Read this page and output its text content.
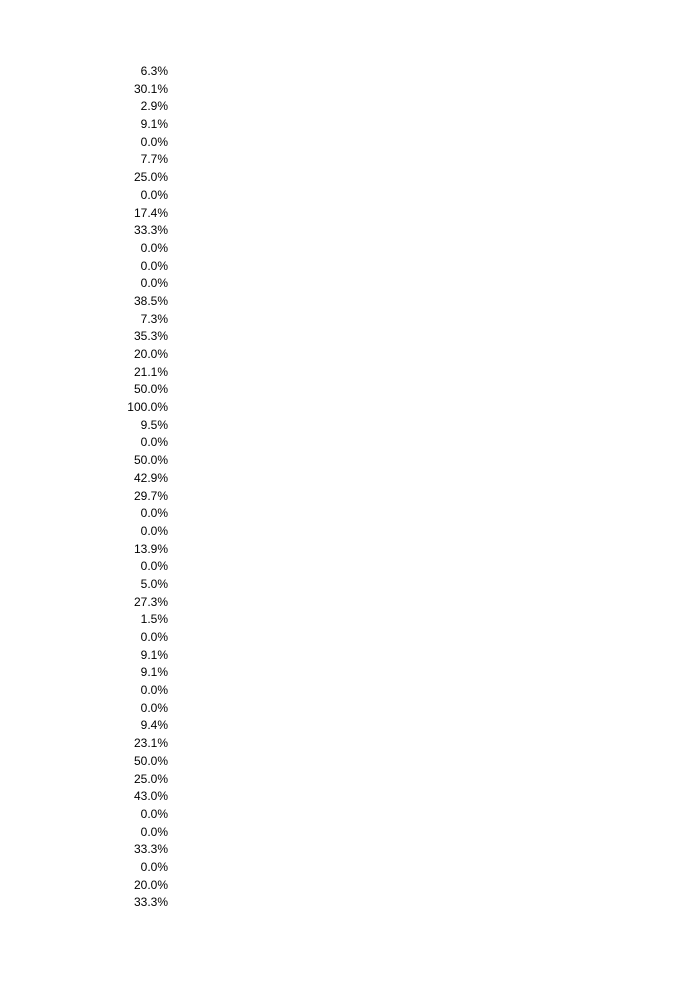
6.3%
30.1%
2.9%
9.1%
0.0%
7.7%
25.0%
0.0%
17.4%
33.3%
0.0%
0.0%
0.0%
38.5%
7.3%
35.3%
20.0%
21.1%
50.0%
100.0%
9.5%
0.0%
50.0%
42.9%
29.7%
0.0%
0.0%
13.9%
0.0%
5.0%
27.3%
1.5%
0.0%
9.1%
9.1%
0.0%
0.0%
9.4%
23.1%
50.0%
25.0%
43.0%
0.0%
0.0%
33.3%
0.0%
20.0%
33.3%
